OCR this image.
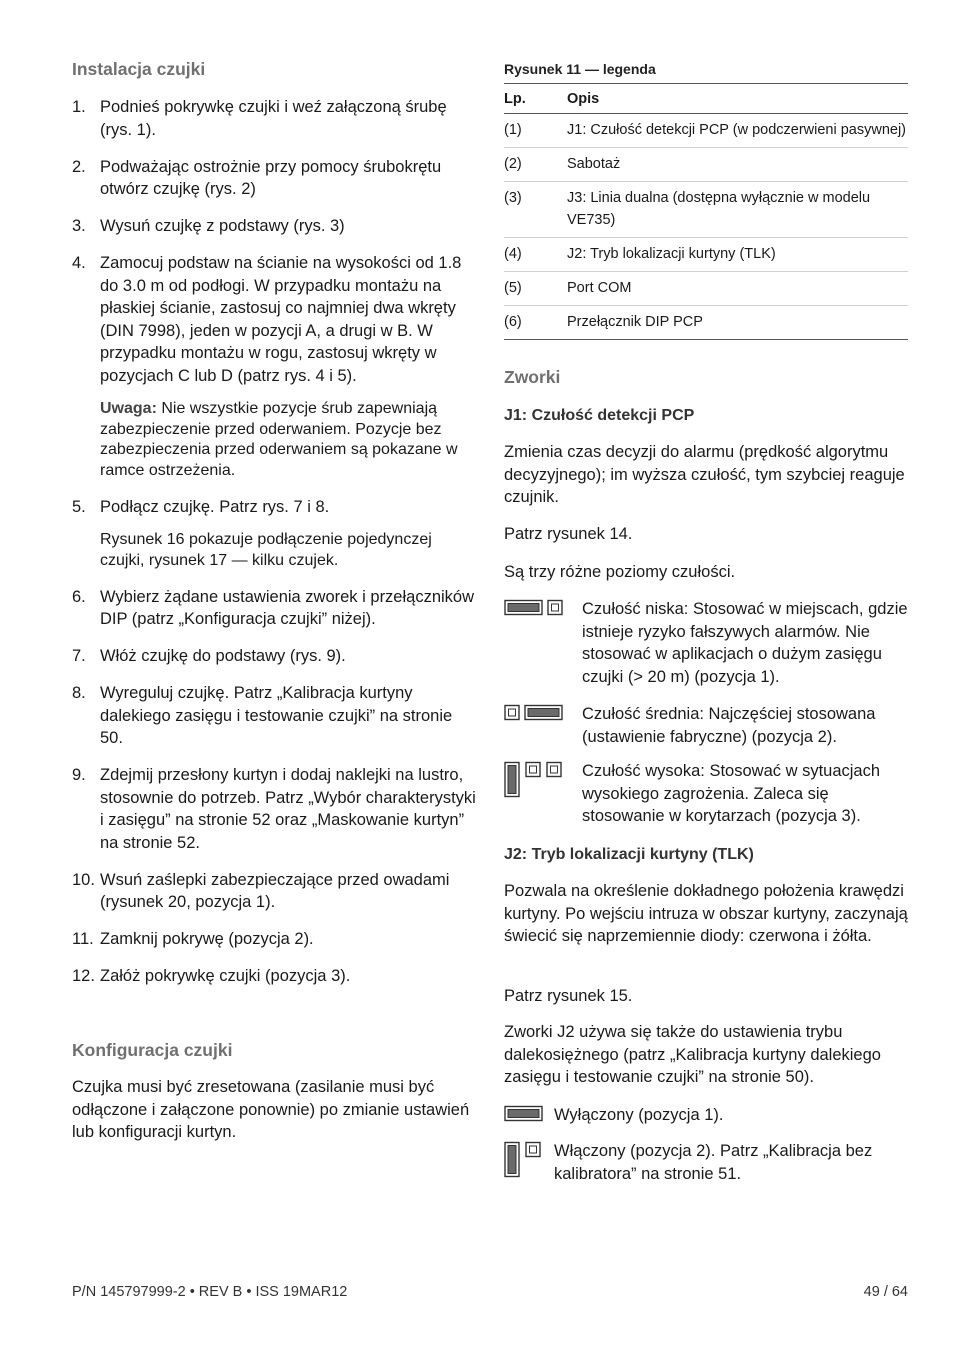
Instalacja czujki
1. Podnieś pokrywkę czujki i weź załączoną śrubę (rys. 1).
2. Podważając ostrożnie przy pomocy śrubokrętu otwórz czujkę (rys. 2)
3. Wysuń czujkę z podstawy (rys. 3)
4. Zamocuj podstaw na ścianie na wysokości od 1.8 do 3.0 m od podłogi. W przypadku montażu na płaskiej ścianie, zastosuj co najmniej dwa wkręty (DIN 7998), jeden w pozycji A, a drugi w B. W przypadku montażu w rogu, zastosuj wkręty w pozycjach C lub D (patrz rys. 4 i 5).
Uwaga: Nie wszystkie pozycje śrub zapewniają zabezpieczenie przed oderwaniem. Pozycje bez zabezpieczenia przed oderwaniem są pokazane w ramce ostrzeżenia.
5. Podłącz czujkę. Patrz rys. 7 i 8.
Rysunek 16 pokazuje podłączenie pojedynczej czujki, rysunek 17 — kilku czujek.
6. Wybierz żądane ustawienia zworek i przełączników DIP (patrz „Konfiguracja czujki” niżej).
7. Włóż czujkę do podstawy (rys. 9).
8. Wyreguluj czujkę. Patrz „Kalibracja kurtyny dalekiego zasięgu i testowanie czujki” na stronie 50.
9. Zdejmij przesłony kurtyn i dodaj naklejki na lustro, stosownie do potrzeb. Patrz „Wybór charakterystyki i zasięgu” na stronie 52 oraz „Maskowanie kurtyn” na stronie 52.
10. Wsuń zaślepki zabezpieczające przed owadami (rysunek 20, pozycja 1).
11. Zamknij pokrywę (pozycja 2).
12. Załóż pokrywkę czujki (pozycja 3).
Konfiguracja czujki

Czujka musi być zresetowana (zasilanie musi być odłączone i załączone ponownie) po zmianie ustawień lub konfiguracji kurtyn.

Rysunek 11 — legenda
Lp.	Opis
(1)	J1: Czułość detekcji PCP (w podczerwieni pasywnej)
(2)	Sabotaż
(3)	J3: Linia dualna (dostępna wyłącznie w modelu VE735)
(4)	J2: Tryb lokalizacji kurtyny (TLK)
(5)	Port COM
(6)	Przełącznik DIP PCP
Zworki
J1: Czułość detekcji PCP

Zmienia czas decyzji do alarmu (prędkość algorytmu decyzyjnego); im wyższa czułość, tym szybciej reaguje czujnik.

Patrz rysunek 14.

Są trzy różne poziomy czułości.

Czułość niska: Stosować w miejscach, gdzie istnieje ryzyko fałszywych alarmów. Nie stosować w aplikacjach o dużym zasięgu czujki (> 20 m) (pozycja 1).

Czułość średnia: Najczęściej stosowana (ustawienie fabryczne) (pozycja 2).

Czułość wysoka: Stosować w sytuacjach wysokiego zagrożenia. Zaleca się stosowanie w korytarzach (pozycja 3).

J2: Tryb lokalizacji kurtyny (TLK)

Pozwala na określenie dokładnego położenia krawędzi kurtyny. Po wejściu intruza w obszar kurtyny, zaczynają świecić się naprzemiennie diody: czerwona i żółta.

Patrz rysunek 15.

Zworki J2 używa się także do ustawienia trybu dalekosiężnego (patrz „Kalibracja kurtyny dalekiego zasięgu i testowanie czujki” na stronie 50).

Wyłączony (pozycja 1).

Włączony (pozycja 2). Patrz „Kalibracja bez kalibratora” na stronie 51.

P/N 145797999-2 • REV B • ISS 19MAR12	49 / 64
